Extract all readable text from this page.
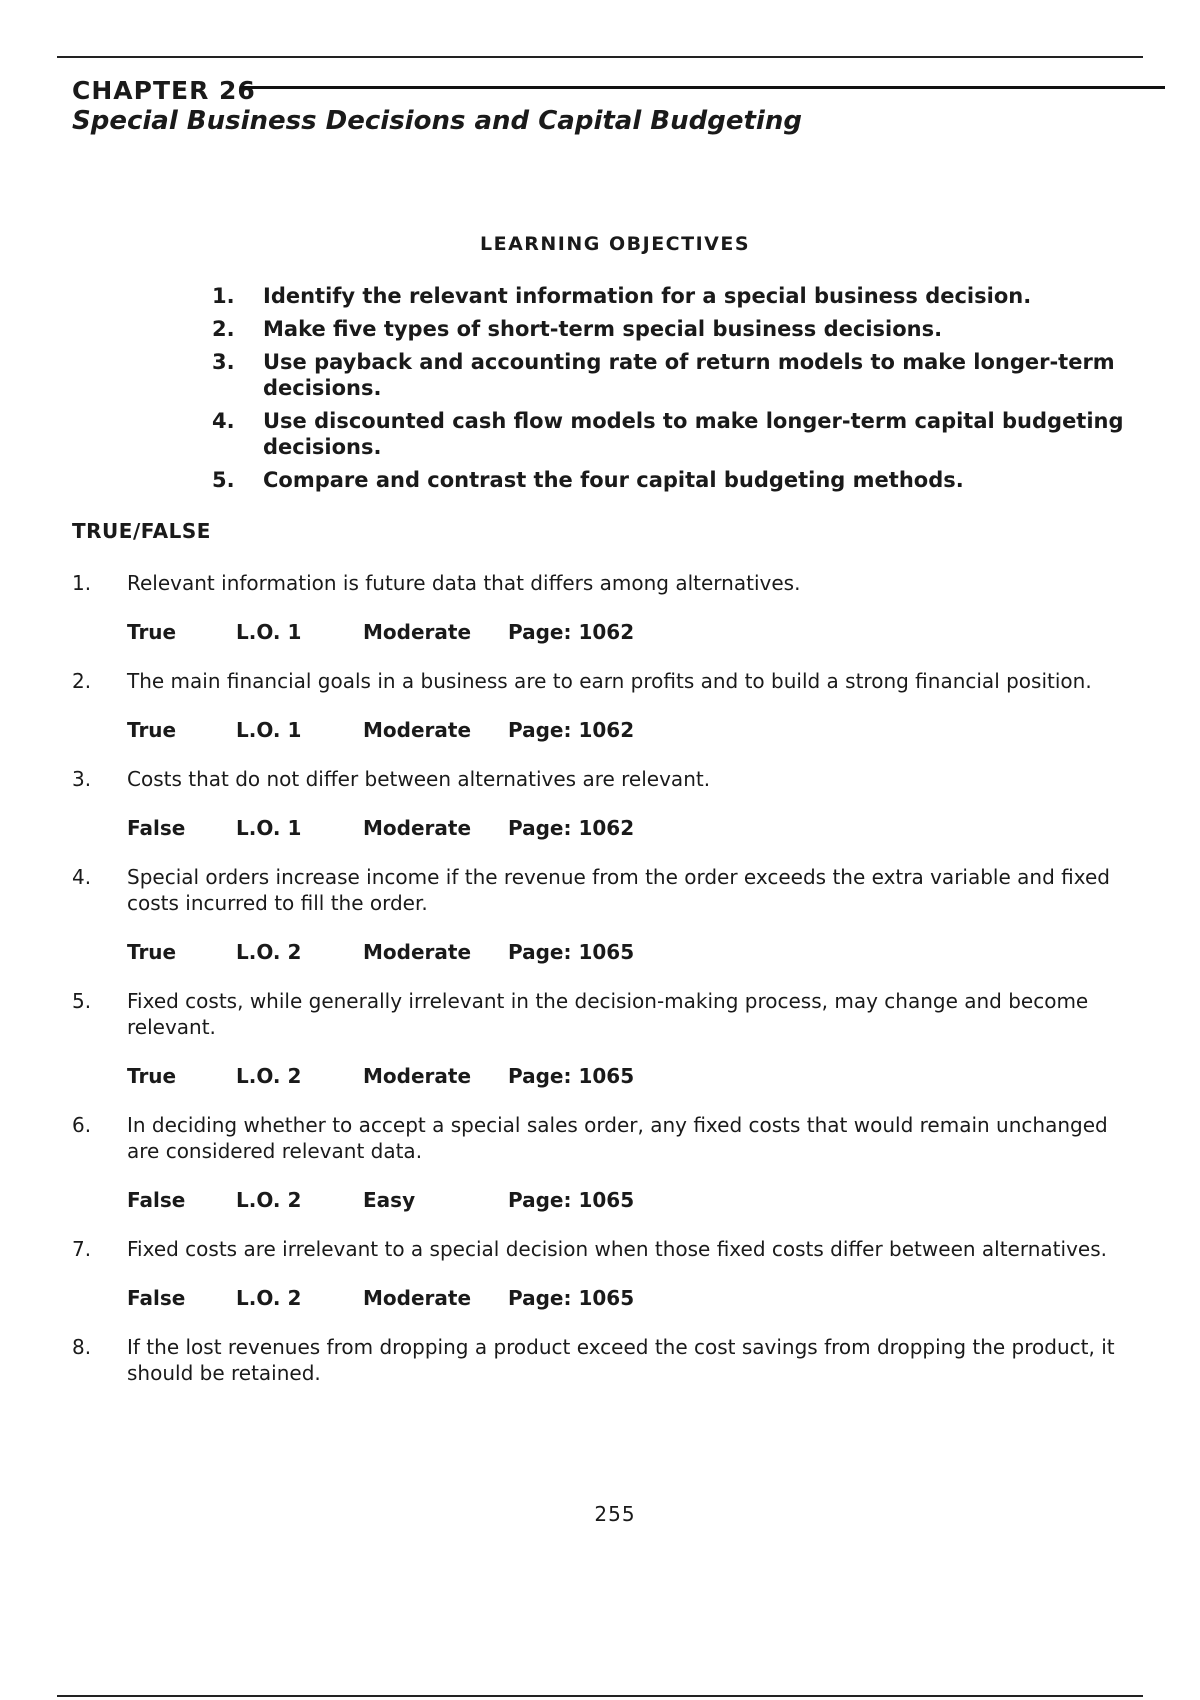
CHAPTER 26
Special Business Decisions and Capital Budgeting
LEARNING OBJECTIVES
1.	Identify the relevant information for a special business decision.
2.	Make five types of short-term special business decisions.
3.	Use payback and accounting rate of return models to make longer-term decisions.
4.	Use discounted cash flow models to make longer-term capital budgeting decisions.
5.	Compare and contrast the four capital budgeting methods.
TRUE/FALSE
1.	Relevant information is future data that differs among alternatives.
True	L.O. 1	Moderate	Page: 1062
2.	The main financial goals in a business are to earn profits and to build a strong financial position.
True	L.O. 1	Moderate	Page: 1062
3.	Costs that do not differ between alternatives are relevant.
False	L.O. 1	Moderate	Page: 1062
4.	Special orders increase income if the revenue from the order exceeds the extra variable and fixed costs incurred to fill the order.
True	L.O. 2	Moderate	Page: 1065
5.	Fixed costs, while generally irrelevant in the decision-making process, may change and become relevant.
True	L.O. 2	Moderate	Page: 1065
6.	In deciding whether to accept a special sales order, any fixed costs that would remain unchanged are considered relevant data.
False	L.O. 2	Easy	Page: 1065
7.	Fixed costs are irrelevant to a special decision when those fixed costs differ between alternatives.
False	L.O. 2	Moderate	Page: 1065
8.	If the lost revenues from dropping a product exceed the cost savings from dropping the product, it should be retained.
255
